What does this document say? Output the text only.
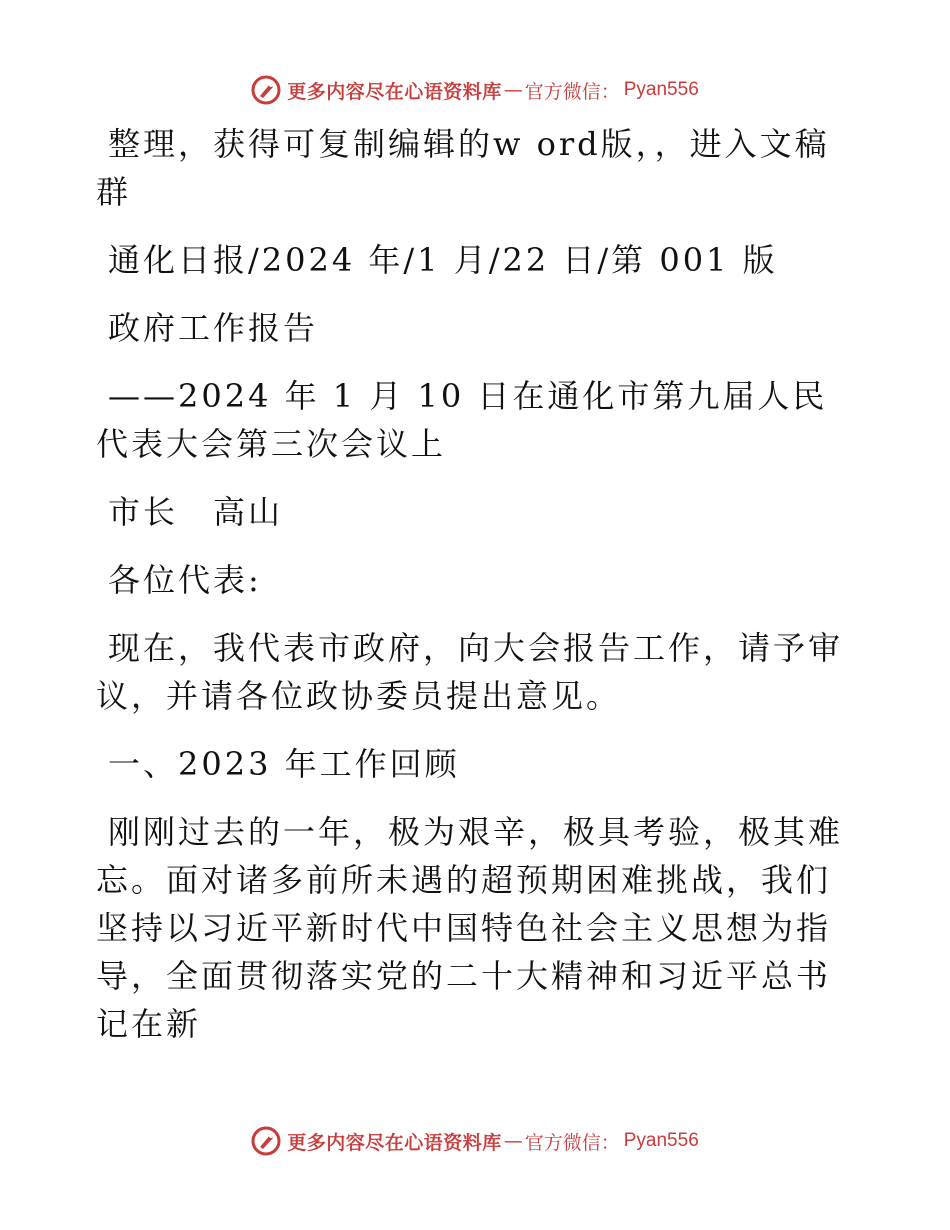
更多内容尽在心语资料库 — 官方微信： Pyan556

整理，获得可复制编辑的w ord版，，进入文稿群

通化日报/2024 年/1 月/22 日/第 001 版

政府工作报告

——2024 年 1 月 10 日在通化市第九届人民代表大会第三次会议上

市长　高山

各位代表:

现在，我代表市政府，向大会报告工作，请予审议，并请各位政协委员提出意见。

一、2023 年工作回顾

刚刚过去的一年，极为艰辛，极具考验，极其难忘。面对诸多前所未遇的超预期困难挑战，我们坚持以习近平新时代中国特色社会主义思想为指导，全面贯彻落实党的二十大精神和习近平总书记在新

更多内容尽在心语资料库 — 官方微信： Pyan556
